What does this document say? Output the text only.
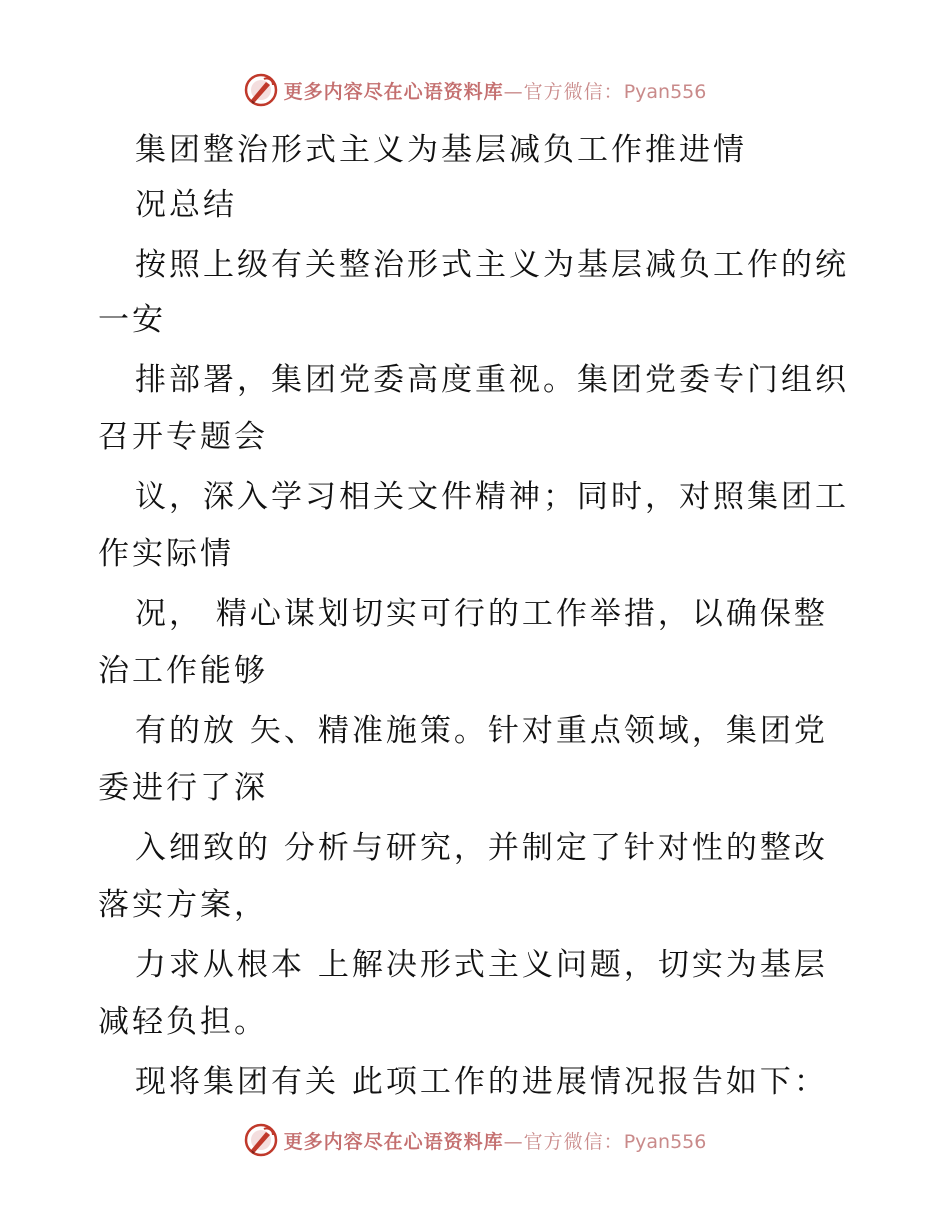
更多内容尽在心语资料库—官方微信：Pyan556
集团整治形式主义为基层减负工作推进情
况总结
按照上级有关整治形式主义为基层减负工作的统
一安
排部署，集团党委高度重视。集团党委专门组织
召开专题会
议，深入学习相关文件精神；同时，对照集团工
作实际情
况， 精心谋划切实可行的工作举措，以确保整
治工作能够
有的放 矢、精准施策。针对重点领域，集团党
委进行了深
入细致的 分析与研究，并制定了针对性的整改
落实方案，
力求从根本 上解决形式主义问题，切实为基层
减轻负担。
现将集团有关 此项工作的进展情况报告如下：
更多内容尽在心语资料库—官方微信：Pyan556
